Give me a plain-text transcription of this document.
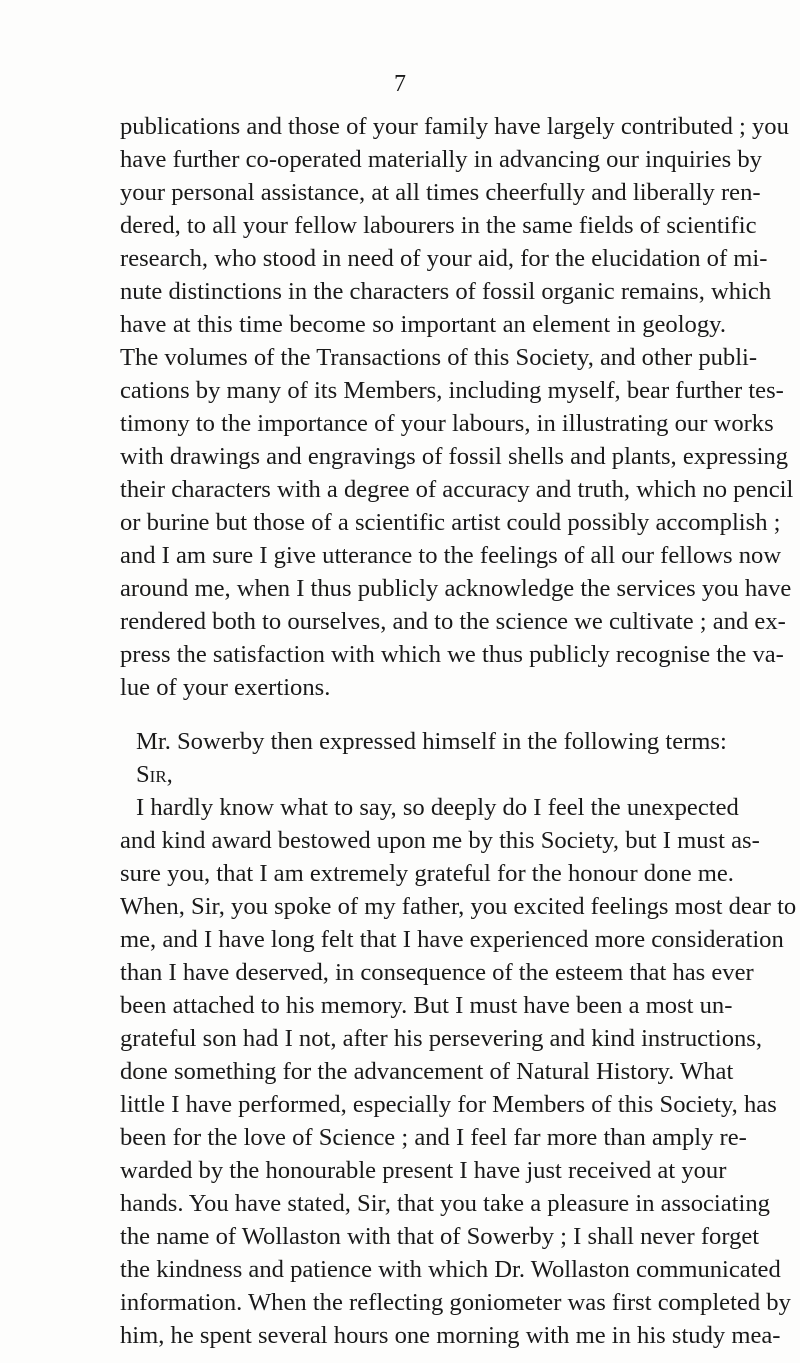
7
publications and those of your family have largely contributed ; you
have further co-operated materially in advancing our inquiries by
your personal assistance, at all times cheerfully and liberally ren-
dered, to all your fellow labourers in the same fields of scientific
research, who stood in need of your aid, for the elucidation of mi-
nute distinctions in the characters of fossil organic remains, which
have at this time become so important an element in geology.
The volumes of the Transactions of this Society, and other publi-
cations by many of its Members, including myself, bear further tes-
timony to the importance of your labours, in illustrating our works
with drawings and engravings of fossil shells and plants, expressing
their characters with a degree of accuracy and truth, which no pencil
or burine but those of a scientific artist could possibly accomplish ;
and I am sure I give utterance to the feelings of all our fellows now
around me, when I thus publicly acknowledge the services you have
rendered both to ourselves, and to the science we cultivate ; and ex-
press the satisfaction with which we thus publicly recognise the va-
lue of your exertions.
Mr. Sowerby then expressed himself in the following terms:
Sir,
I hardly know what to say, so deeply do I feel the unexpected
and kind award bestowed upon me by this Society, but I must as-
sure you, that I am extremely grateful for the honour done me.
When, Sir, you spoke of my father, you excited feelings most dear to
me, and I have long felt that I have experienced more consideration
than I have deserved, in consequence of the esteem that has ever
been attached to his memory. But I must have been a most un-
grateful son had I not, after his persevering and kind instructions,
done something for the advancement of Natural History. What
little I have performed, especially for Members of this Society, has
been for the love of Science ; and I feel far more than amply re-
warded by the honourable present I have just received at your
hands. You have stated, Sir, that you take a pleasure in associating
the name of Wollaston with that of Sowerby ; I shall never forget
the kindness and patience with which Dr. Wollaston communicated
information. When the reflecting goniometer was first completed by
him, he spent several hours one morning with me in his study mea-
